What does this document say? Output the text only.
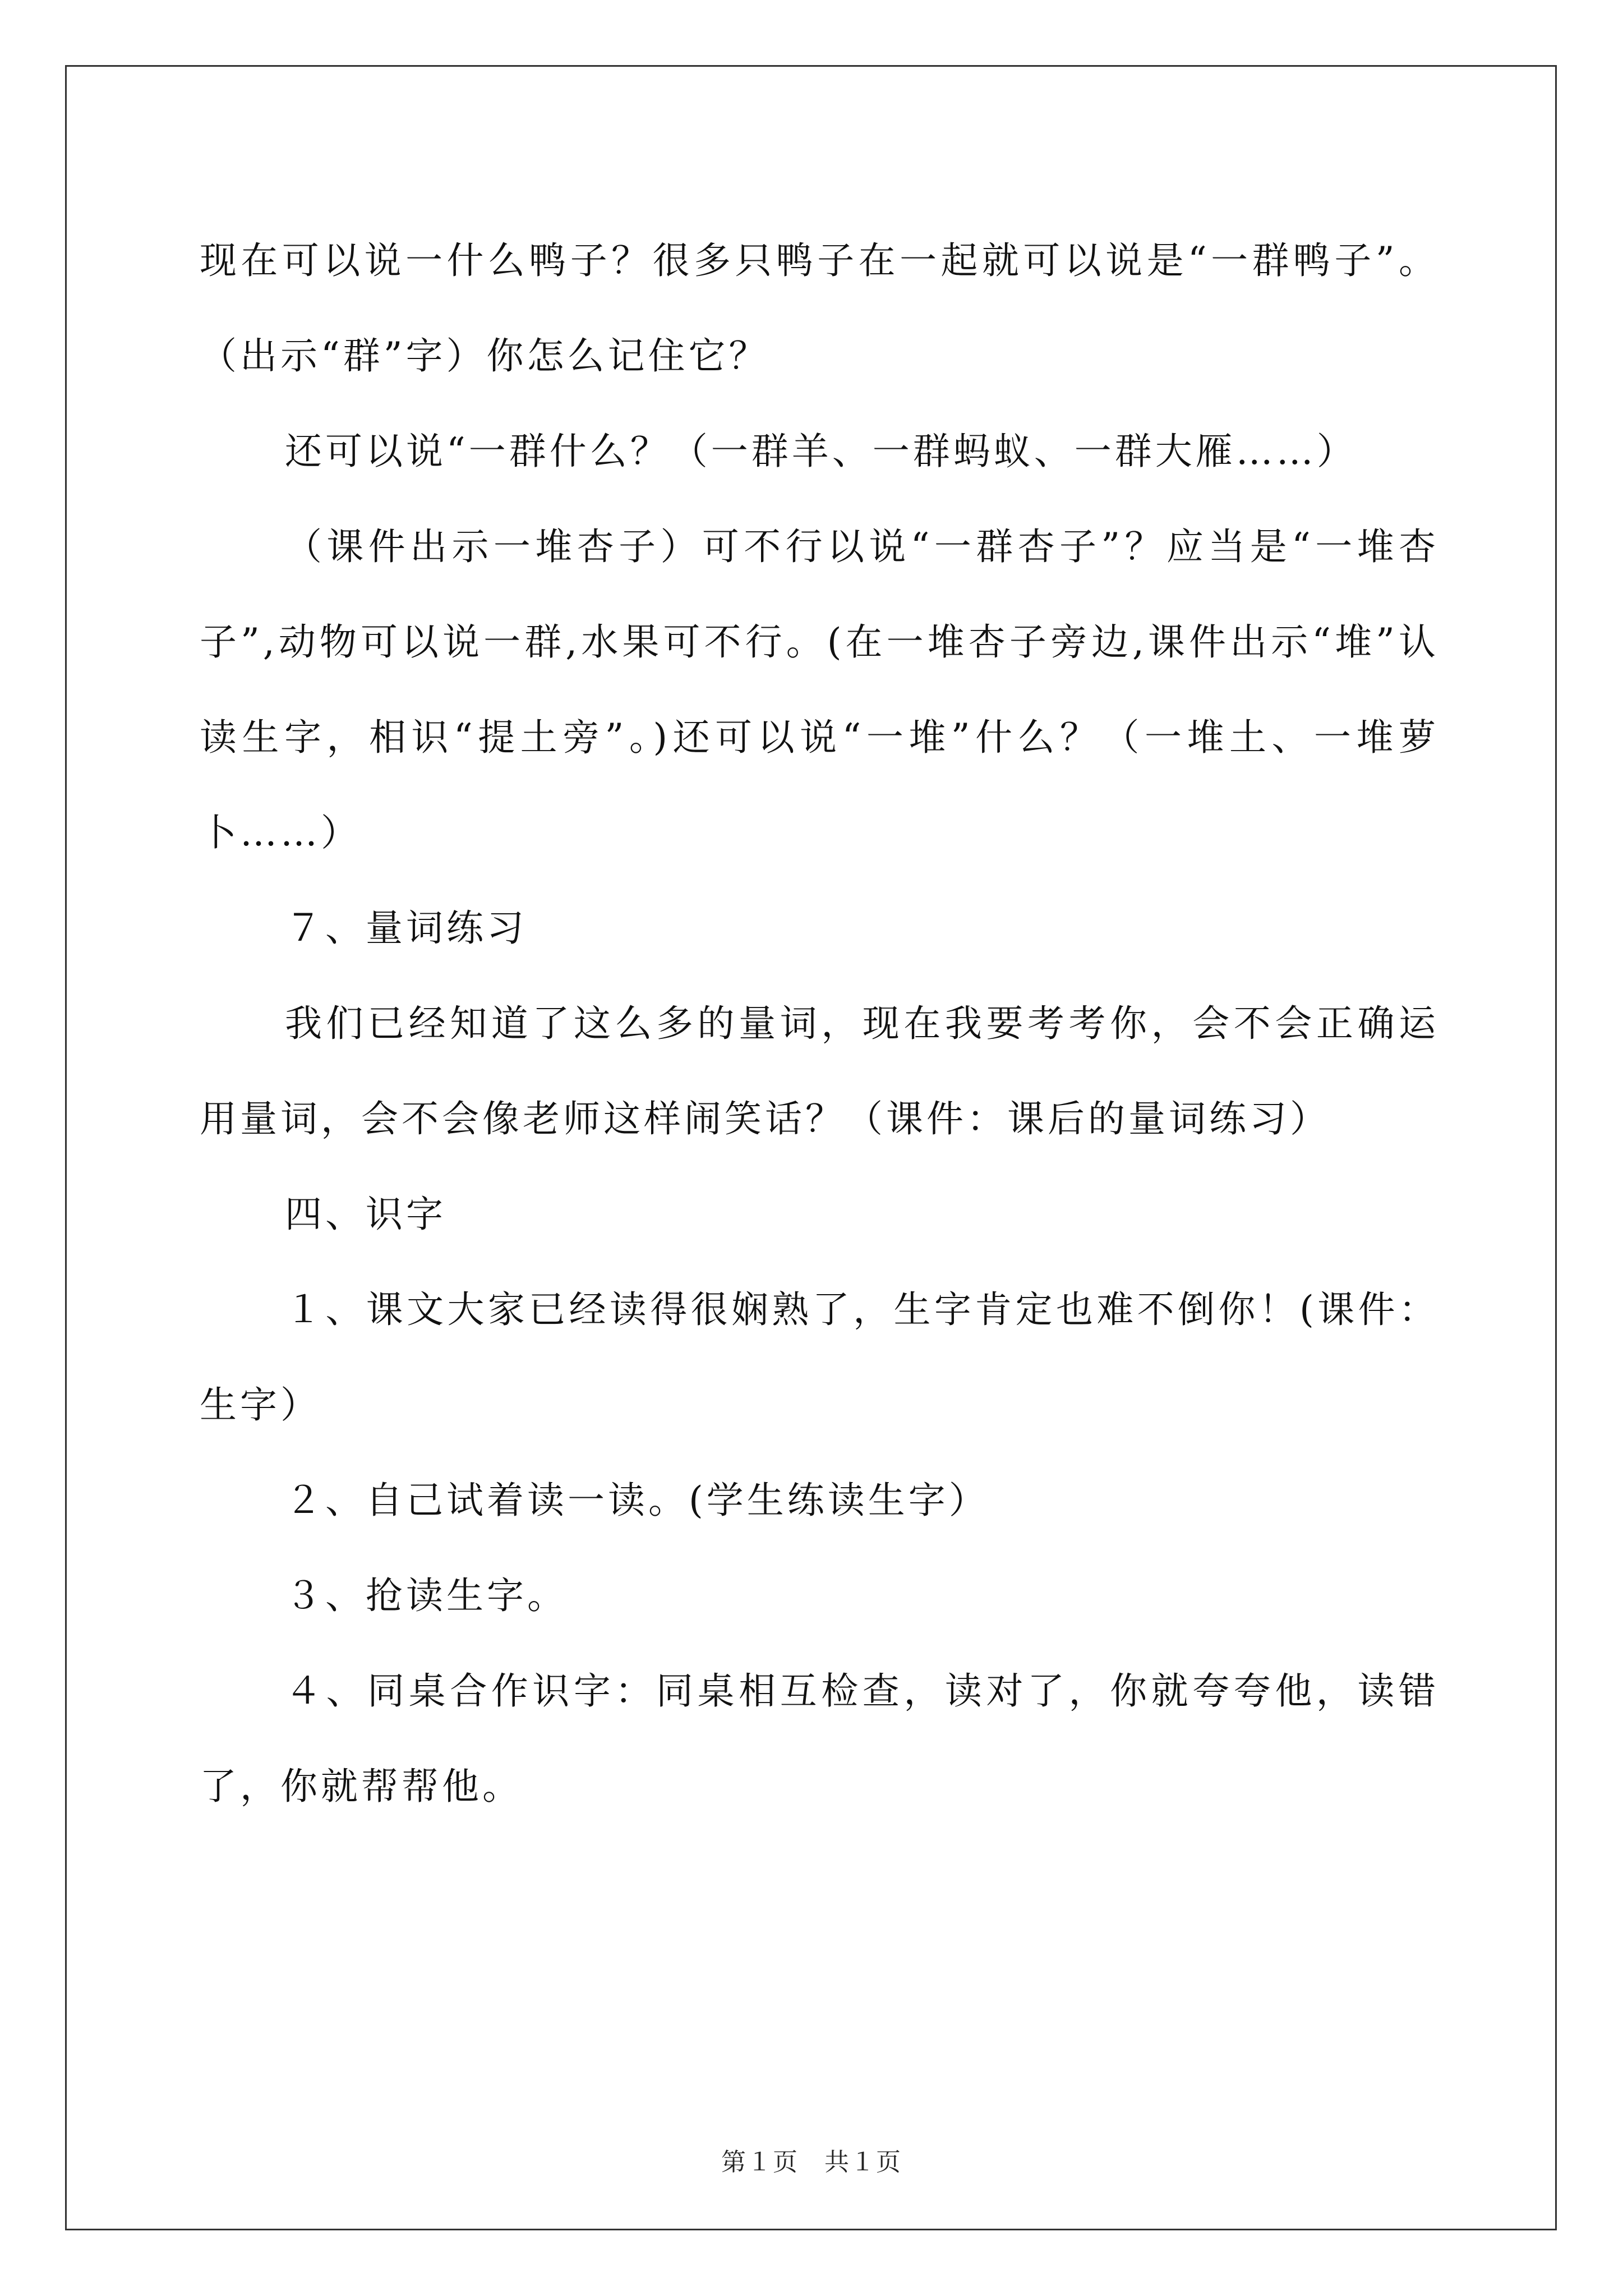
现在可以说一什么鸭子？很多只鸭子在一起就可以说是“一群鸭子”。（出示“群”字）你怎么记住它？

还可以说“一群什么？（一群羊、一群蚂蚁、一群大雁……）

（课件出示一堆杏子）可不行以说“一群杏子”？应当是“一堆杏子”,动物可以说一群,水果可不行。(在一堆杏子旁边,课件出示“堆”认读生字，相识“提土旁”。)还可以说“一堆”什么？（一堆土、一堆萝卜……）

７、量词练习

我们已经知道了这么多的量词，现在我要考考你，会不会正确运用量词，会不会像老师这样闹笑话？（课件：课后的量词练习）

四、识字

１、课文大家已经读得很娴熟了，生字肯定也难不倒你！(课件：生字）

２、自己试着读一读。(学生练读生字）

３、抢读生字。

４、同桌合作识字：同桌相互检查，读对了，你就夸夸他，读错了，你就帮帮他。

第１页　共１页
